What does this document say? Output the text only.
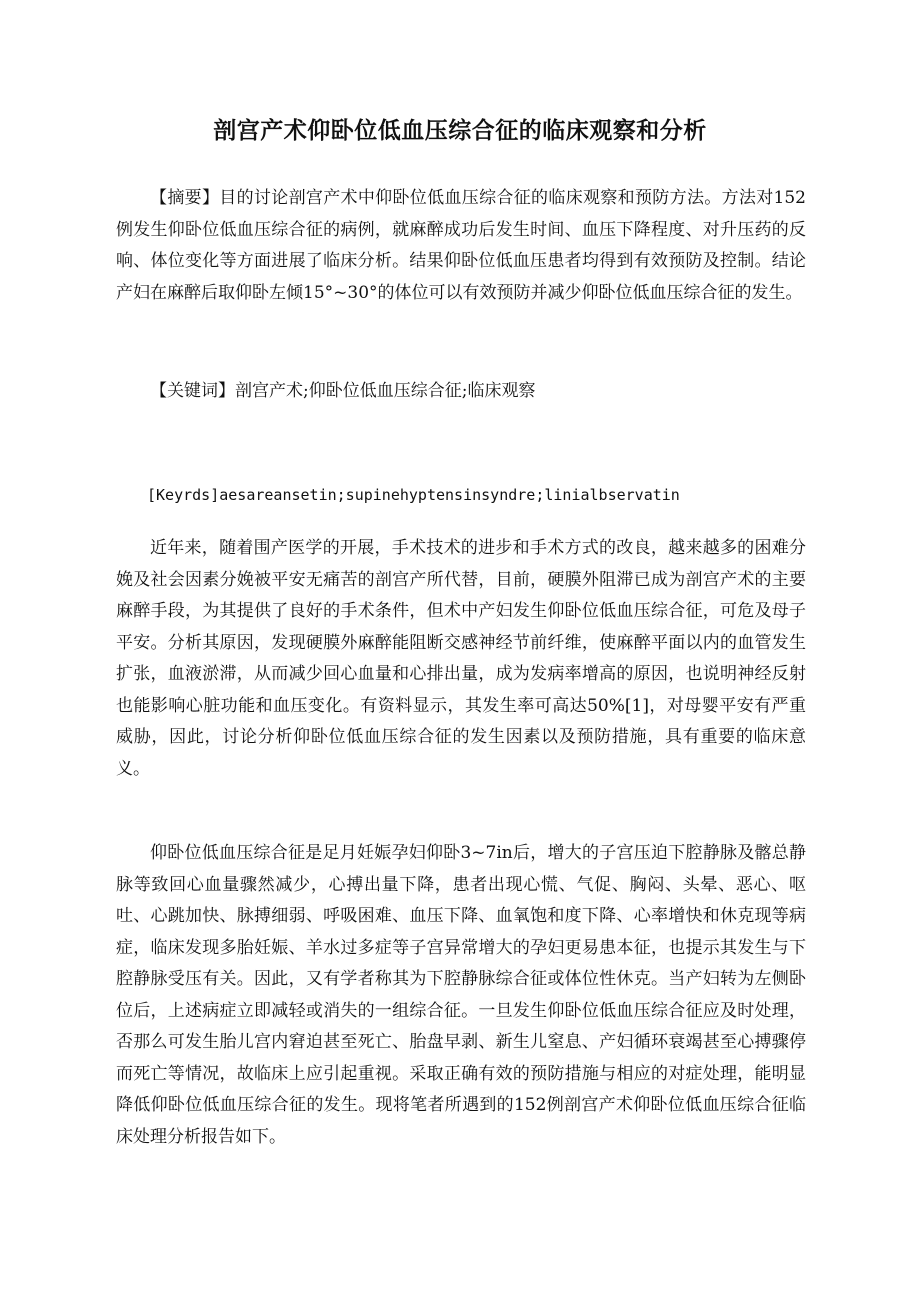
剖宫产术仰卧位低血压综合征的临床观察和分析

【摘要】目的讨论剖宫产术中仰卧位低血压综合征的临床观察和预防方法。方法对152例发生仰卧位低血压综合征的病例，就麻醉成功后发生时间、血压下降程度、对升压药的反响、体位变化等方面进展了临床分析。结果仰卧位低血压患者均得到有效预防及控制。结论产妇在麻醉后取仰卧左倾15°~30°的体位可以有效预防并减少仰卧位低血压综合征的发生。

【关键词】剖宫产术;仰卧位低血压综合征;临床观察

[Keyrds]aesareansetin;supinehyptensinsyndre;linialbservatin

近年来，随着围产医学的开展，手术技术的进步和手术方式的改良，越来越多的困难分娩及社会因素分娩被平安无痛苦的剖宫产所代替，目前，硬膜外阻滞已成为剖宫产术的主要麻醉手段，为其提供了良好的手术条件，但术中产妇发生仰卧位低血压综合征，可危及母子平安。分析其原因，发现硬膜外麻醉能阻断交感神经节前纤维，使麻醉平面以内的血管发生扩张，血液淤滞，从而减少回心血量和心排出量，成为发病率增高的原因，也说明神经反射也能影响心脏功能和血压变化。有资料显示，其发生率可高达50%[1]，对母婴平安有严重威胁，因此，讨论分析仰卧位低血压综合征的发生因素以及预防措施，具有重要的临床意义。

仰卧位低血压综合征是足月妊娠孕妇仰卧3~7in后，增大的子宫压迫下腔静脉及髂总静脉等致回心血量骤然减少，心搏出量下降，患者出现心慌、气促、胸闷、头晕、恶心、呕吐、心跳加快、脉搏细弱、呼吸困难、血压下降、血氧饱和度下降、心率增快和休克现等病症，临床发现多胎妊娠、羊水过多症等子宫异常增大的孕妇更易患本征，也提示其发生与下腔静脉受压有关。因此，又有学者称其为下腔静脉综合征或体位性休克。当产妇转为左侧卧位后，上述病症立即减轻或消失的一组综合征。一旦发生仰卧位低血压综合征应及时处理，否那么可发生胎儿宫内窘迫甚至死亡、胎盘早剥、新生儿窒息、产妇循环衰竭甚至心搏骤停而死亡等情况，故临床上应引起重视。采取正确有效的预防措施与相应的对症处理，能明显降低仰卧位低血压综合征的发生。现将笔者所遇到的152例剖宫产术仰卧位低血压综合征临床处理分析报告如下。
